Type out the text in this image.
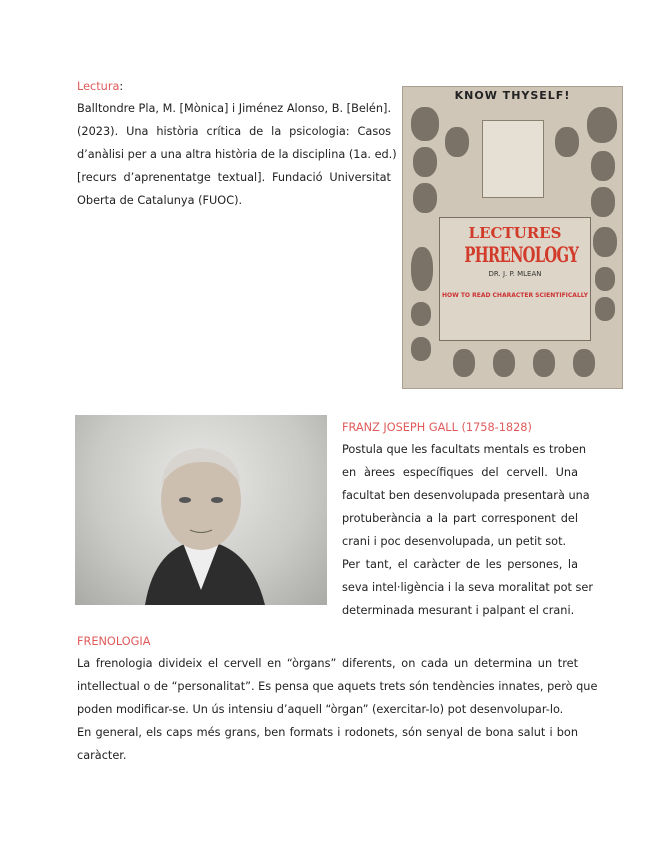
Lectura:
Balltondre Pla, M. [Mònica] i Jiménez Alonso, B. [Belén].
(2023). Una història crítica de la psicologia: Casos
d’anàlisi per a una altra història de la disciplina (1a. ed.)
[recurs d’aprenentatge textual]. Fundació Universitat
Oberta de Catalunya (FUOC).
KNOW THYSELF!
LECTURES
PHRENOLOGY
DR. J. P. MLEAN
HOW TO READ CHARACTER SCIENTIFICALLY
FRANZ JOSEPH GALL (1758-1828)
Postula que les facultats mentals es troben
en àrees específiques del cervell. Una
facultat ben desenvolupada presentarà una
protuberància a la part corresponent del
crani i poc desenvolupada, un petit sot.
Per tant, el caràcter de les persones, la
seva intel·ligència i la seva moralitat pot ser
determinada mesurant i palpant el crani.
FRENOLOGIA
La frenologia divideix el cervell en “òrgans” diferents, on cada un determina un tret
intellectual o de “personalitat”. Es pensa que aquets trets són tendències innates, però que
poden modificar-se. Un ús intensiu d’aquell “òrgan” (exercitar-lo) pot desenvolupar-lo.
En general, els caps més grans, ben formats i rodonets, són senyal de bona salut i bon
caràcter.
